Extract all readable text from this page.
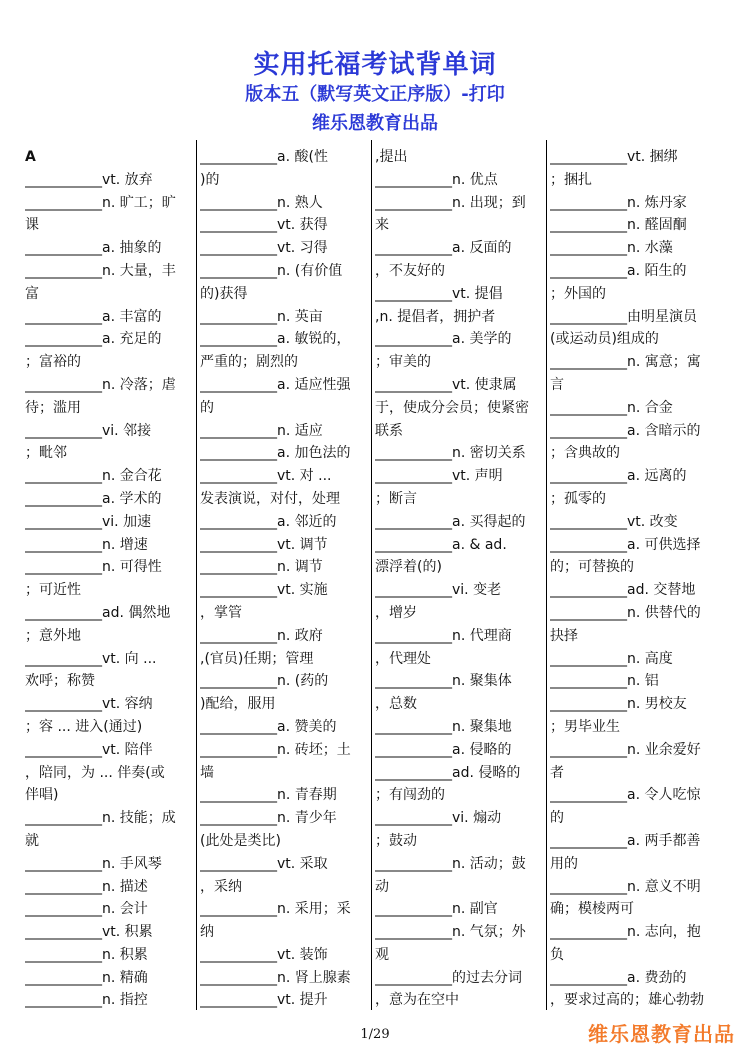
实用托福考试背单词
版本五（默写英文正序版）-打印
维乐恩教育出品
A
___________vt. 放弃
___________n. 旷工；旷
课
___________a. 抽象的
___________n. 大量，丰
富
___________a. 丰富的
___________a. 充足的
；富裕的
___________n. 冷落；虐
待；滥用
___________vi. 邻接
；毗邻
___________n. 金合花
___________a. 学术的
___________vi. 加速
___________n. 增速
___________n. 可得性
；可近性
___________ad. 偶然地
；意外地
___________vt. 向 ...
欢呼；称赞
___________vt. 容纳
；容 ... 进入(通过)
___________vt. 陪伴
，陪同，为 ... 伴奏(或
伴唱)
___________n. 技能；成
就
___________n. 手风琴
___________n. 描述
___________n. 会计
___________vt. 积累
___________n. 积累
___________n. 精确
___________n. 指控
___________a. 酸(性
)的
___________n. 熟人
___________vt. 获得
___________vt. 习得
___________n. (有价值
的)获得
___________n. 英亩
___________a. 敏锐的，
严重的；剧烈的
___________a. 适应性强
的
___________n. 适应
___________a. 加色法的
___________vt. 对 ...
发表演说，对付，处理
___________a. 邻近的
___________vt. 调节
___________n. 调节
___________vt. 实施
，掌管
___________n. 政府
,(官员)任期；管理
___________n. (药的
)配给，服用
___________a. 赞美的
___________n. 砖坯；土
墙
___________n. 青春期
___________n. 青少年
(此处是类比)
___________vt. 采取
，采纳
___________n. 采用；采
纳
___________vt. 装饰
___________n. 肾上腺素
___________vt. 提升
,提出
___________n. 优点
___________n. 出现；到
来
___________a. 反面的
，不友好的
___________vt. 提倡
,n. 提倡者，拥护者
___________a. 美学的
；审美的
___________vt. 使隶属
于，使成分会员；使紧密
联系
___________n. 密切关系
___________vt. 声明
；断言
___________a. 买得起的
___________a. & ad.
漂浮着(的)
___________vi. 变老
，增岁
___________n. 代理商
，代理处
___________n. 聚集体
，总数
___________n. 聚集地
___________a. 侵略的
___________ad. 侵略的
；有闯劲的
___________vi. 煽动
；鼓动
___________n. 活动；鼓
动
___________n. 副官
___________n. 气氛；外
观
___________的过去分词
，意为在空中
___________vt. 捆绑
；捆扎
___________n. 炼丹家
___________n. 醛固酮
___________n. 水藻
___________a. 陌生的
；外国的
___________由明星演员
(或运动员)组成的
___________n. 寓意；寓
言
___________n. 合金
___________a. 含暗示的
；含典故的
___________a. 远离的
；孤零的
___________vt. 改变
___________a. 可供选择
的；可替换的
___________ad. 交替地
___________n. 供替代的
抉择
___________n. 高度
___________n. 铝
___________n. 男校友
；男毕业生
___________n. 业余爱好
者
___________a. 令人吃惊
的
___________a. 两手都善
用的
___________n. 意义不明
确；模棱两可
___________n. 志向，抱
负
___________a. 费劲的
，要求过高的；雄心勃勃
1/29	维乐恩教育出品
